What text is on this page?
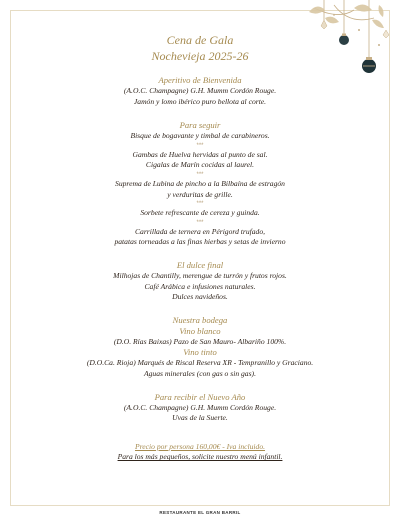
Cena de Gala
Nochevieja 2025-26
Aperitivo de Bienvenida
(A.O.C. Champagne) G.H. Mumm Cordón Rouge.
Jamón y lomo ibérico puro bellota al corte.
Para seguir
Bisque de bogavante y timbal de carabineros.
***
Gambas de Huelva hervidas al punto de sal.
Cigalas de Marín cocidas al laurel.
***
Suprema de Lubina de pincho a la Bilbaína de estragón
y verduritas de grille.
***
Sorbete refrescante de cereza y guinda.
***
Carrillada de ternera en Périgord trufado,
patatas torneadas a las finas hierbas y setas de invierno
El dulce final
Milhojas de Chantilly, merengue de turrón y frutos rojos.
Café Arábica e infusiones naturales.
Dulces navideños.
Nuestra bodega
Vino blanco
(D.O. Rías Baixas) Pazo de San Mauro- Albariño 100%.
Vino tinto
(D.O.Ca. Rioja) Marqués de Riscal Reserva XR - Tempranillo y Graciano.
Aguas minerales (con gas o sin gas).
Para recibir el Nuevo Año
(A.O.C. Champagne) G.H. Mumm Cordón Rouge.
Uvas de la Suerte.
Precio por persona 160,00€ - Iva incluido.
Para los más pequeños, solicite nuestro menú infantil.
RESTAURANTE EL GRAN BARRIL
